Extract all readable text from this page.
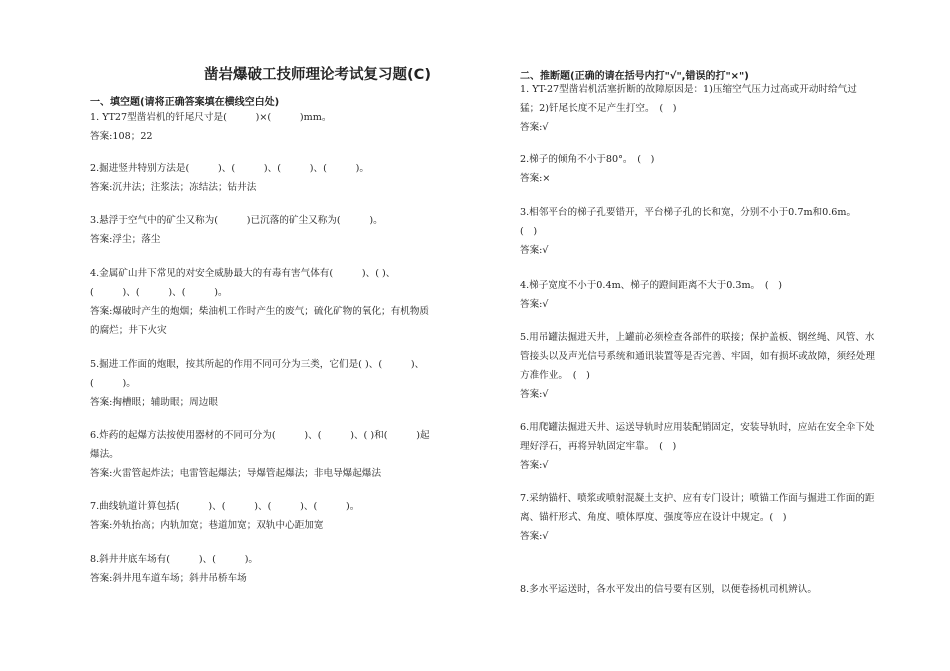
凿岩爆破工技师理论考试复习题(C)
一、填空题(请将正确答案填在横线空白处)
1. YT27型凿岩机的钎尾尺寸是(　　　)×(　　　)mm。
答案:108；22
2.掘进竖井特别方法是(　　　)、(　　　)、(　　　)、(　　　)。
答案:沉井法；注浆法；冻结法；钻井法
3.悬浮于空气中的矿尘又称为(　　　)已沉落的矿尘又称为(　　　)。
答案:浮尘；落尘
4.金属矿山井下常见的对安全威胁最大的有毒有害气体有(　　　)、( )、(　　　)、(　　　)、(　　　)。
答案:爆破时产生的炮烟；柴油机工作时产生的废气；硫化矿物的氧化；有机物质的腐烂；井下火灾
5.掘进工作面的炮眼，按其所起的作用不同可分为三类，它们是( )、(　　　)、(　　　)。
答案:掏槽眼；辅助眼；周边眼
6.炸药的起爆方法按使用器材的不同可分为(　　　)、(　　　)、( )和(　　　)起爆法。
答案:火雷管起炸法；电雷管起爆法；导爆管起爆法；非电导爆起爆法
7.曲线轨道计算包括(　　　)、(　　　)、(　　　)、(　　　)。
答案:外轨抬高；内轨加宽；巷道加宽；双轨中心距加宽
8.斜井井底车场有(　　　)、(　　　)。
答案:斜井甩车道车场；斜井吊桥车场
二、推断题(正确的请在括号内打"√",错误的打"×")
1. YT-27型凿岩机活塞折断的故障原因是：1)压缩空气压力过高或开动时给气过猛；2)钎尾长度不足产生打空。　(　)
答案:√
2.梯子的倾角不小于80°。　(　)
答案:×
3.相邻平台的梯子孔要错开，平台梯子孔的长和宽，分别不小于0.7m和0.6m。　(　)
答案:√
4.梯子宽度不小于0.4m、梯子的蹬间距离不大于0.3m。　(　)
答案:√
5.用吊罐法掘进天井，上罐前必须检查各部件的联接；保护盖板、钢丝绳、风管、水管接头以及声光信号系统和通讯装置等是否完善、牢固，如有损坏或故障，须经处理方准作业。　(　)
答案:√
6.用爬罐法掘进天井、运送导轨时应用装配销固定，安装导轨时，应站在安全伞下处理好浮石，再将异轨固定牢靠。　(　)
答案:√
7.采纳锚杆、喷浆或喷射混凝土支护、应有专门设计；喷锚工作面与掘进工作面的距离、锚杆形式、角度、喷体厚度、强度等应在设计中规定。(　)
答案:√
8.多水平运送时，各水平发出的信号要有区别，以便卷扬机司机辨认。
